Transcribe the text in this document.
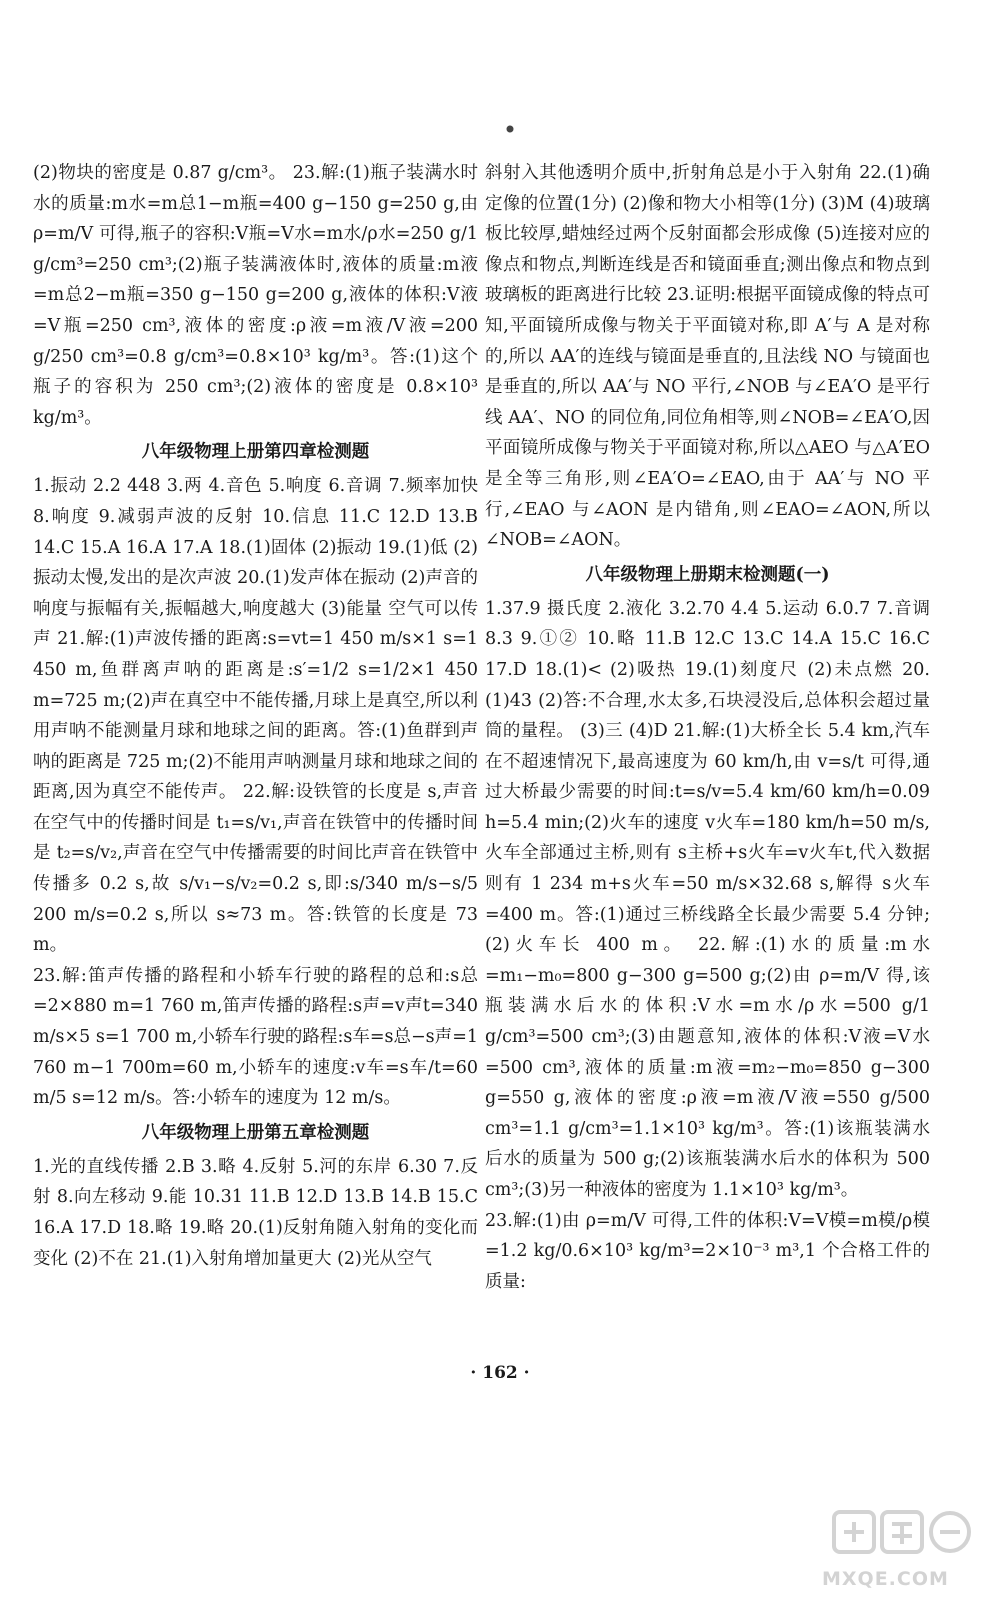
(2)物块的密度是 0.87 g/cm³。 23.解:(1)瓶子装满水时水的质量:m水=m总1−m瓶=400 g−150 g=250 g,由 ρ=m/V 可得,瓶子的容积:V瓶=V水=m水/ρ水=250 g/1 g/cm³=250 cm³;(2)瓶子装满液体时,液体的质量:m液=m总2−m瓶=350 g−150 g=200 g,液体的体积:V液=V瓶=250 cm³,液体的密度:ρ液=m液/V液=200 g/250 cm³=0.8 g/cm³=0.8×10³ kg/m³。答:(1)这个瓶子的容积为 250 cm³;(2)液体的密度是 0.8×10³ kg/m³。

八年级物理上册第四章检测题

1.振动 2.2 448 3.两 4.音色 5.响度 6.音调 7.频率加快 8.响度 9.减弱声波的反射 10.信息 11.C 12.D 13.B 14.C 15.A 16.A 17.A 18.(1)固体 (2)振动 19.(1)低 (2)振动太慢,发出的是次声波 20.(1)发声体在振动 (2)声音的响度与振幅有关,振幅越大,响度越大 (3)能量 空气可以传声 21.解:(1)声波传播的距离:s=vt=1 450 m/s×1 s=1 450 m,鱼群离声呐的距离是:s′=1/2 s=1/2×1 450 m=725 m;(2)声在真空中不能传播,月球上是真空,所以利用声呐不能测量月球和地球之间的距离。答:(1)鱼群到声呐的距离是 725 m;(2)不能用声呐测量月球和地球之间的距离,因为真空不能传声。 22.解:设铁管的长度是 s,声音在空气中的传播时间是 t₁=s/v₁,声音在铁管中的传播时间是 t₂=s/v₂,声音在空气中传播需要的时间比声音在铁管中传播多 0.2 s,故 s/v₁−s/v₂=0.2 s,即:s/340 m/s−s/5 200 m/s=0.2 s,所以 s≈73 m。答:铁管的长度是 73 m。

23.解:笛声传播的路程和小轿车行驶的路程的总和:s总=2×880 m=1 760 m,笛声传播的路程:s声=v声t=340 m/s×5 s=1 700 m,小轿车行驶的路程:s车=s总−s声=1 760 m−1 700m=60 m,小轿车的速度:v车=s车/t=60 m/5 s=12 m/s。答:小轿车的速度为 12 m/s。

八年级物理上册第五章检测题

1.光的直线传播 2.B 3.略 4.反射 5.河的东岸 6.30 7.反射 8.向左移动 9.能 10.31 11.B 12.D 13.B 14.B 15.C 16.A 17.D 18.略 19.略 20.(1)反射角随入射角的变化而变化 (2)不在 21.(1)入射角增加量更大 (2)光从空气

斜射入其他透明介质中,折射角总是小于入射角 22.(1)确定像的位置(1分) (2)像和物大小相等(1分) (3)M (4)玻璃板比较厚,蜡烛经过两个反射面都会形成像 (5)连接对应的像点和物点,判断连线是否和镜面垂直;测出像点和物点到玻璃板的距离进行比较 23.证明:根据平面镜成像的特点可知,平面镜所成像与物关于平面镜对称,即 A′与 A 是对称的,所以 AA′的连线与镜面是垂直的,且法线 NO 与镜面也是垂直的,所以 AA′与 NO 平行,∠NOB 与∠EA′O 是平行线 AA′、NO 的同位角,同位角相等,则∠NOB=∠EA′O,因平面镜所成像与物关于平面镜对称,所以△AEO 与△A′EO 是全等三角形,则∠EA′O=∠EAO,由于 AA′与 NO 平行,∠EAO 与∠AON 是内错角,则∠EAO=∠AON,所以∠NOB=∠AON。

八年级物理上册期末检测题(一)

1.37.9 摄氏度 2.液化 3.2.70 4.4 5.运动 6.0.7 7.音调 8.3 9.①② 10.略 11.B 12.C 13.C 14.A 15.C 16.C 17.D 18.(1)< (2)吸热 19.(1)刻度尺 (2)未点燃 20.(1)43 (2)答:不合理,水太多,石块浸没后,总体积会超过量筒的量程。 (3)三 (4)D 21.解:(1)大桥全长 5.4 km,汽车在不超速情况下,最高速度为 60 km/h,由 v=s/t 可得,通过大桥最少需要的时间:t=s/v=5.4 km/60 km/h=0.09 h=5.4 min;(2)火车的速度 v火车=180 km/h=50 m/s,火车全部通过主桥,则有 s主桥+s火车=v火车t,代入数据则有 1 234 m+s火车=50 m/s×32.68 s,解得 s火车=400 m。答:(1)通过三桥线路全长最少需要 5.4 分钟;(2)火车长 400 m。 22.解:(1)水的质量:m水=m₁−m₀=800 g−300 g=500 g;(2)由 ρ=m/V 得,该瓶装满水后水的体积:V水=m水/ρ水=500 g/1 g/cm³=500 cm³;(3)由题意知,液体的体积:V液=V水=500 cm³,液体的质量:m液=m₂−m₀=850 g−300 g=550 g,液体的密度:ρ液=m液/V液=550 g/500 cm³=1.1 g/cm³=1.1×10³ kg/m³。答:(1)该瓶装满水后水的质量为 500 g;(2)该瓶装满水后水的体积为 500 cm³;(3)另一种液体的密度为 1.1×10³ kg/m³。

23.解:(1)由 ρ=m/V 可得,工件的体积:V=V模=m模/ρ模=1.2 kg/0.6×10³ kg/m³=2×10⁻³ m³,1 个合格工件的质量:

· 162 ·
MXQE.COM
